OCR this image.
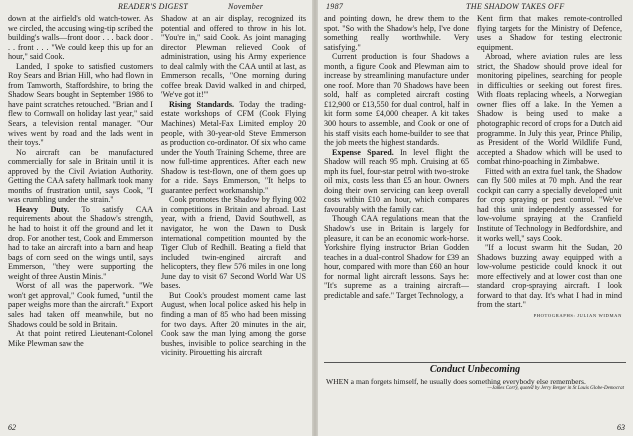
READER'S DIGEST	November

down at the airfield's old watch-tower. As we circled, the accusing wing-tip scribed the building's walls—front door . . . back door . . . front . . . "We could keep this up for an hour," said Cook.

Landed, I spoke to satisfied customers Roy Sears and Brian Hill, who had flown in from Tamworth, Staffordshire, to bring the Shadow Sears bought in September 1986 to have paint scratches retouched. "Brian and I flew to Cornwall on holiday last year," said Sears, a television rental manager. "Our wives went by road and the lads went in their toys."

No aircraft can be manufactured commercially for sale in Britain until it is approved by the Civil Aviation Authority. Getting the CAA safety hallmark took many months of frustration until, says Cook, "I was crumbling under the strain."

Heavy Duty. To satisfy CAA requirements about the Shadow's strength, he had to hoist it off the ground and let it drop. For another test, Cook and Emmerson had to take an aircraft into a barn and heap bags of corn seed on the wings until, says Emmerson, "they were supporting the weight of three Austin Minis."

Worst of all was the paperwork. "We won't get approval," Cook fumed, "until the paper weighs more than the aircraft." Export sales had taken off meanwhile, but no Shadows could be sold in Britain.

At that point retired Lieutenant-Colonel Mike Plewman saw the

Shadow at an air display, recognized its potential and offered to throw in his lot. "You're in," said Cook. As joint managing director Plewman relieved Cook of administration, using his Army experience to deal calmly with the CAA until at last, as Emmerson recalls, "One morning during coffee break David walked in and chirped, 'We've got it!'"

Rising Standards. Today the trading-estate workshops of CFM (Cook Flying Machines) Metal-Fax Limited employ 20 people, with 30-year-old Steve Emmerson as production co-ordinator. Of six who came under the Youth Training Scheme, three are now full-time apprentices. After each new Shadow is test-flown, one of them goes up for a ride. Says Emmerson, "It helps to guarantee perfect workmanship."

Cook promotes the Shadow by flying 002 in competitions in Britain and abroad. Last year, with a friend, David Southwell, as navigator, he won the Dawn to Dusk international competition mounted by the Tiger Club of Redhill. Beating a field that included twin-engined aircraft and helicopters, they flew 576 miles in one long June day to visit 67 Second World War US bases.

But Cook's proudest moment came last August, when local police asked his help in finding a man of 85 who had been missing for two days. After 20 minutes in the air, Cook saw the man lying among the gorse bushes, invisible to police searching in the vicinity. Pirouetting his aircraft

62
1987	THE SHADOW TAKES OFF

and pointing down, he drew them to the spot. "So with the Shadow's help, I've done something really worthwhile. Very satisfying."

Current production is four Shadows a month, a figure Cook and Plewman aim to increase by streamlining manufacture under one roof. More than 70 Shadows have been sold, half as completed aircraft costing £12,900 or £13,550 for dual control, half in kit form some £4,000 cheaper. A kit takes 300 hours to assemble, and Cook or one of his staff visits each home-builder to see that the job meets the highest standards.

Expense Spared. In level flight the Shadow will reach 95 mph. Cruising at 65 mph its fuel, four-star petrol with two-stroke oil mix, costs less than £5 an hour. Owners doing their own servicing can keep overall costs within £10 an hour, which compares favourably with the family car.

Though CAA regulations mean that the Shadow's use in Britain is largely for pleasure, it can be an economic work-horse. Yorkshire flying instructor Brian Godden teaches in a dual-control Shadow for £39 an hour, compared with more than £60 an hour for normal light aircraft lessons. Says he: "It's supreme as a training aircraft—predictable and safe." Target Technology, a

Kent firm that makes remote-controlled flying targets for the Ministry of Defence, uses a Shadow for testing electronic equipment.

Abroad, where aviation rules are less strict, the Shadow should prove ideal for monitoring pipelines, searching for people in difficulties or seeking out forest fires. With floats replacing wheels, a Norwegian owner flies off a lake. In the Yemen a Shadow is being used to make a photographic record of crops for a Dutch aid programme. In July this year, Prince Philip, as President of the World Wildlife Fund, accepted a Shadow which will be used to combat rhino-poaching in Zimbabwe.

Fitted with an extra fuel tank, the Shadow can fly 500 miles at 70 mph. And the rear cockpit can carry a specially developed unit for crop spraying or pest control. "We've had this unit independently assessed for low-volume spraying at the Cranfield Institute of Technology in Bedfordshire, and it works well," says Cook.

"If a locust swarm hit the Sudan, 20 Shadows buzzing away equipped with a low-volume pesticide could knock it out more effectively and at lower cost than one standard crop-spraying aircraft. I look forward to that day. It's what I had in mind from the start."

PHOTOGRAPHS: JULIAN WIDMAN
Conduct Unbecoming
WHEN a man forgets himself, he usually does something everybody else remembers.
—James Corry, quoted by Jerry Berger in St Louis Globe-Democrat
63
